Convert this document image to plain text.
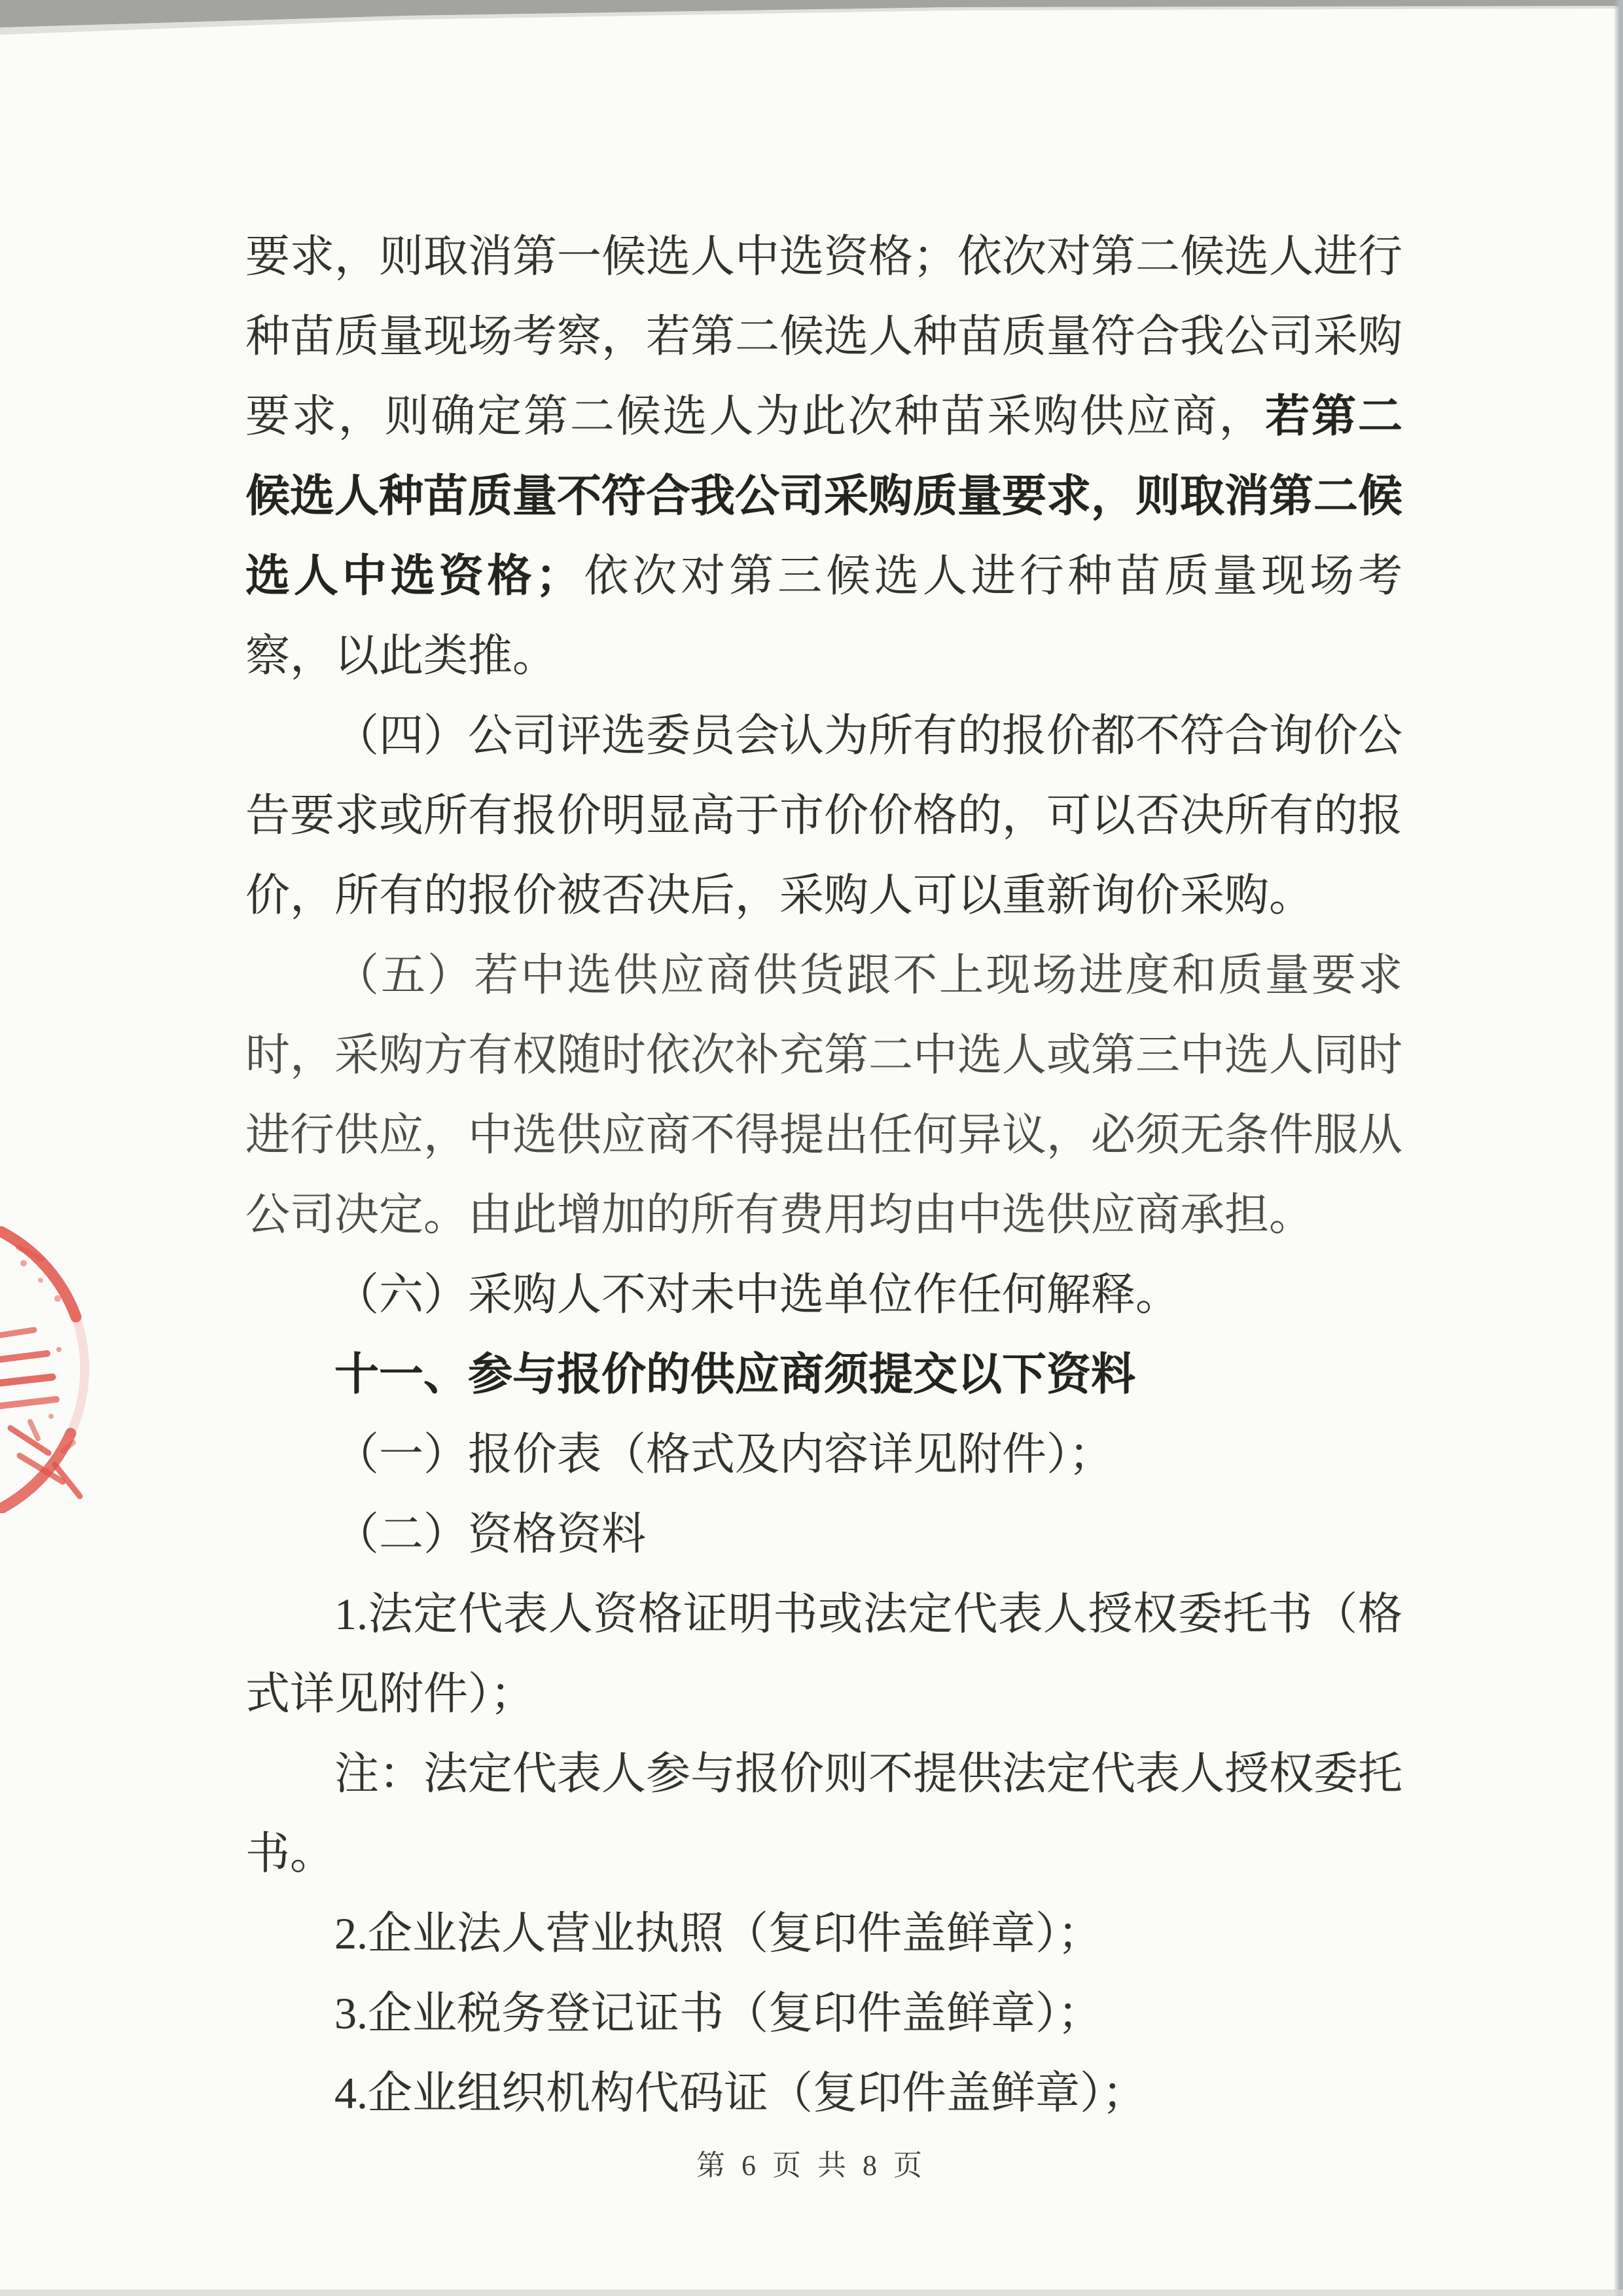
要求，则取消第一候选人中选资格；依次对第二候选人进行种苗质量现场考察，若第二候选人种苗质量符合我公司采购要求，则确定第二候选人为此次种苗采购供应商，若第二候选人种苗质量不符合我公司采购质量要求，则取消第二候选人中选资格；依次对第三候选人进行种苗质量现场考察，以此类推。

（四）公司评选委员会认为所有的报价都不符合询价公告要求或所有报价明显高于市价价格的，可以否决所有的报价，所有的报价被否决后，采购人可以重新询价采购。

（五）若中选供应商供货跟不上现场进度和质量要求时，采购方有权随时依次补充第二中选人或第三中选人同时进行供应，中选供应商不得提出任何异议，必须无条件服从公司决定。由此增加的所有费用均由中选供应商承担。

（六）采购人不对未中选单位作任何解释。

十一、参与报价的供应商须提交以下资料

（一）报价表（格式及内容详见附件）；

（二）资格资料

1.法定代表人资格证明书或法定代表人授权委托书（格式详见附件）；

注：法定代表人参与报价则不提供法定代表人授权委托书。

2.企业法人营业执照（复印件盖鲜章）；

3.企业税务登记证书（复印件盖鲜章）；

4.企业组织机构代码证（复印件盖鲜章）；

第 6 页 共 8 页
